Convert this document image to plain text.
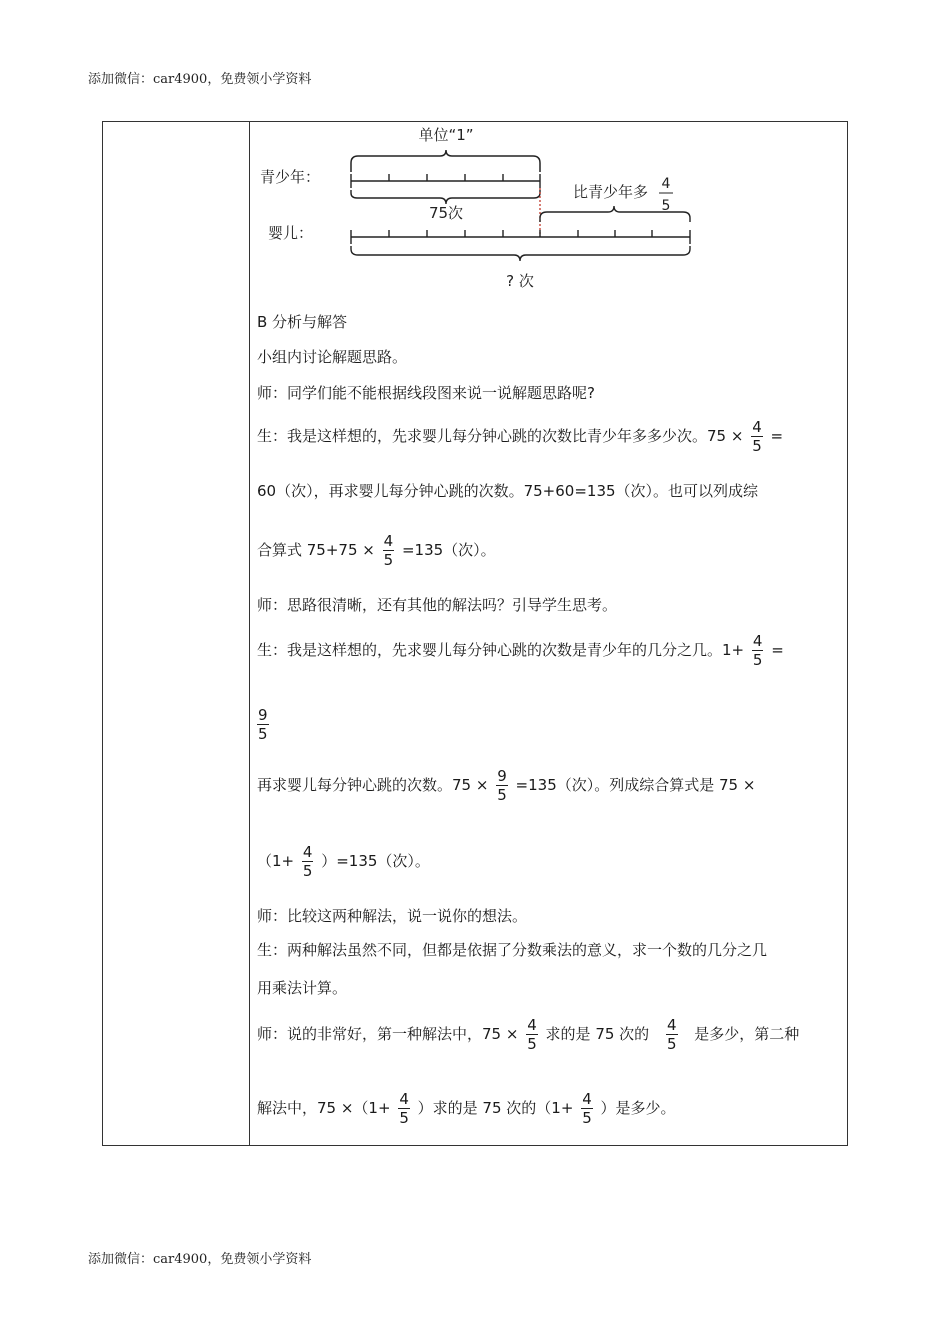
添加微信：car4900，免费领小学资料
单位“1”
青少年：
75次
比青少年多 4
5
婴儿：
? 次
B 分析与解答
小组内讨论解题思路。
师：同学们能不能根据线段图来说一说解题思路呢?
生：我是这样想的，先求婴儿每分钟心跳的次数比青少年多多少次。$75 \times \frac{4}{5}$ =
60（次），再求婴儿每分钟心跳的次数。75+60=135（次）。也可以列成综
合算式 $75+75 \times \frac{4}{5} =135$（次）。
师：思路很清晰，还有其他的解法吗？引导学生思考。
生：我是这样想的，先求婴儿每分钟心跳的次数是青少年的几分之几。$1+ \frac{4}{5}$ =
$\frac{9}{5}$
再求婴儿每分钟心跳的次数。$75 \times \frac{9}{5} =135$（次）。列成综合算式是 75 ×
$(1+ \frac{4}{5} )=135$（次）。
师：比较这两种解法，说一说你的想法。
生：两种解法虽然不同，但都是依据了分数乘法的意义，求一个数的几分之几
用乘法计算。
师：说的非常好，第一种解法中，$75 \times \frac{4}{5}$ 求的是 75 次的 $\frac{4}{5}$ 是多少，第二种
解法中，$75 \times(1+ \frac{4}{5}$ ）求的是 75 次的（$1+ \frac{4}{5}$ ）是多少。
添加微信：car4900，免费领小学资料
